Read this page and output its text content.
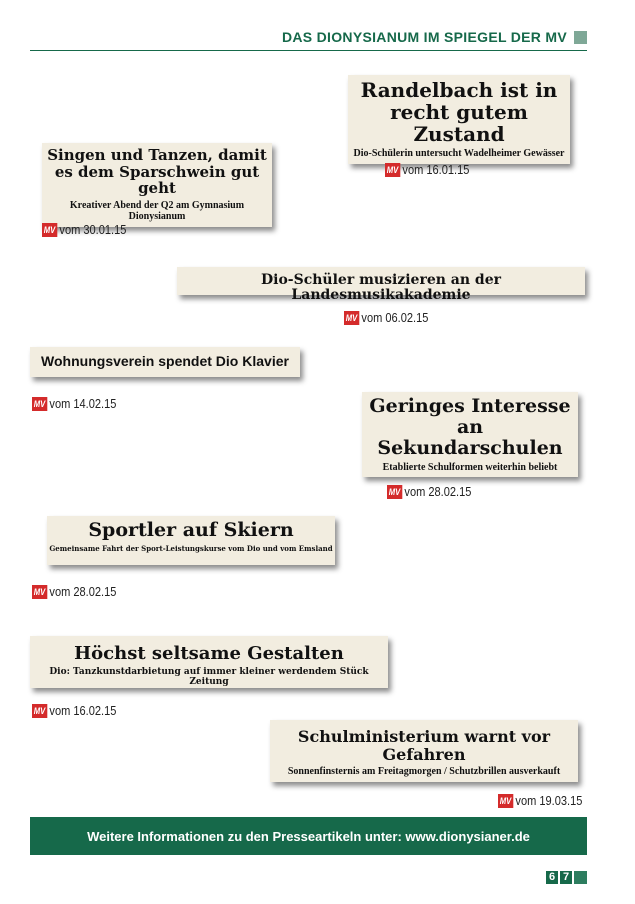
DAS DIONYSIANUM IM SPIEGEL DER MV
Randelbach ist in recht gutem Zustand
Dio-Schülerin untersucht Wadelheimer Gewässer
MV vom 16.01.15
Singen und Tanzen, damit es dem Sparschwein gut geht
Kreativer Abend der Q2 am Gymnasium Dionysianum
MV vom 30.01.15
Dio-Schüler musizieren an der Landesmusikakademie
MV vom 06.02.15
Wohnungsverein spendet Dio Klavier
MV vom 14.02.15	Geringes Interesse an Sekundarschulen
Etablierte Schulformen weiterhin beliebt
MV vom 28.02.15
Sportler auf Skiern
Gemeinsame Fahrt der Sport-Leistungskurse vom Dio und vom Emsland
MV vom 28.02.15
Höchst seltsame Gestalten
Dio: Tanzkunstdarbietung auf immer kleiner werdendem Stück Zeitung
MV vom 16.02.15
Schulministerium warnt vor Gefahren
Sonnenfinsternis am Freitagmorgen / Schutzbrillen ausverkauft
MV vom 19.03.15
Weitere Informationen zu den Presseartikeln unter: www.dionysianer.de
6 7
